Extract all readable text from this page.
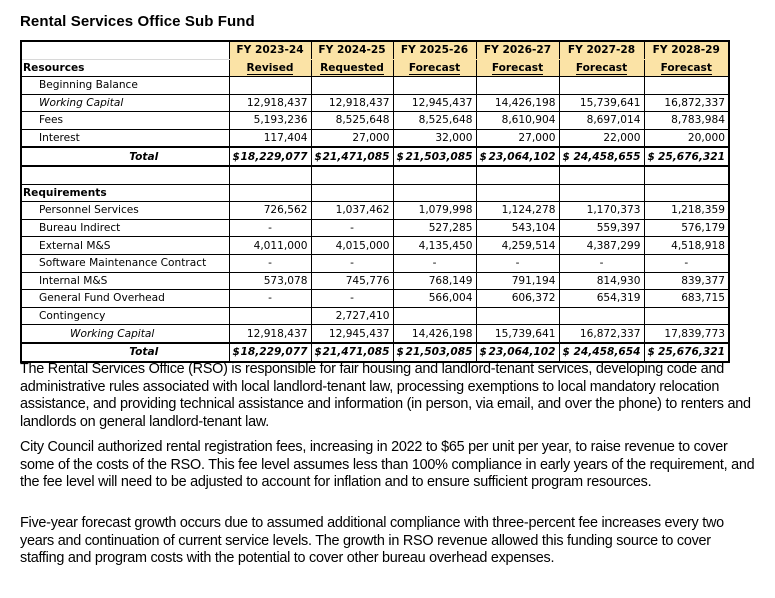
Rental Services Office Sub Fund
	FY 2023-24	FY 2024-25	FY 2025-26	FY 2026-27	FY 2027-28	FY 2028-29
Resources	Revised	Requested	Forecast	Forecast	Forecast	Forecast
Beginning Balance						
Working Capital	12,918,437	12,918,437	12,945,437	14,426,198	15,739,641	16,872,337
Fees	5,193,236	8,525,648	8,525,648	8,610,904	8,697,014	8,783,984
Interest	117,404	27,000	32,000	27,000	22,000	20,000
Total	$ 18,229,077	$ 21,471,085	$ 21,503,085	$ 23,064,102	$ 24,458,655	$ 25,676,321

Requirements						
Personnel Services	726,562	1,037,462	1,079,998	1,124,278	1,170,373	1,218,359
Bureau Indirect	-	-	527,285	543,104	559,397	576,179
External M&S	4,011,000	4,015,000	4,135,450	4,259,514	4,387,299	4,518,918
Software Maintenance Contract	-	-	-	-	-	-
Internal M&S	573,078	745,776	768,149	791,194	814,930	839,377
General Fund Overhead	-	-	566,004	606,372	654,319	683,715
Contingency		2,727,410				
Working Capital	12,918,437	12,945,437	14,426,198	15,739,641	16,872,337	17,839,773
Total	$ 18,229,077	$ 21,471,085	$ 21,503,085	$ 23,064,102	$ 24,458,654	$ 25,676,321

The Rental Services Office (RSO) is responsible for fair housing and landlord-tenant services, developing code and administrative rules associated with local landlord-tenant law, processing exemptions to local mandatory relocation assistance, and providing technical assistance and information (in person, via email, and over the phone) to renters and landlords on general landlord-tenant law.

City Council authorized rental registration fees, increasing in 2022 to $65 per unit per year, to raise revenue to cover some of the costs of the RSO. This fee level assumes less than 100% compliance in early years of the requirement, and the fee level will need to be adjusted to account for inflation and to ensure sufficient program resources.

Five-year forecast growth occurs due to assumed additional compliance with three-percent fee increases every two years and continuation of current service levels. The growth in RSO revenue allowed this funding source to cover staffing and program costs with the potential to cover other bureau overhead expenses.
